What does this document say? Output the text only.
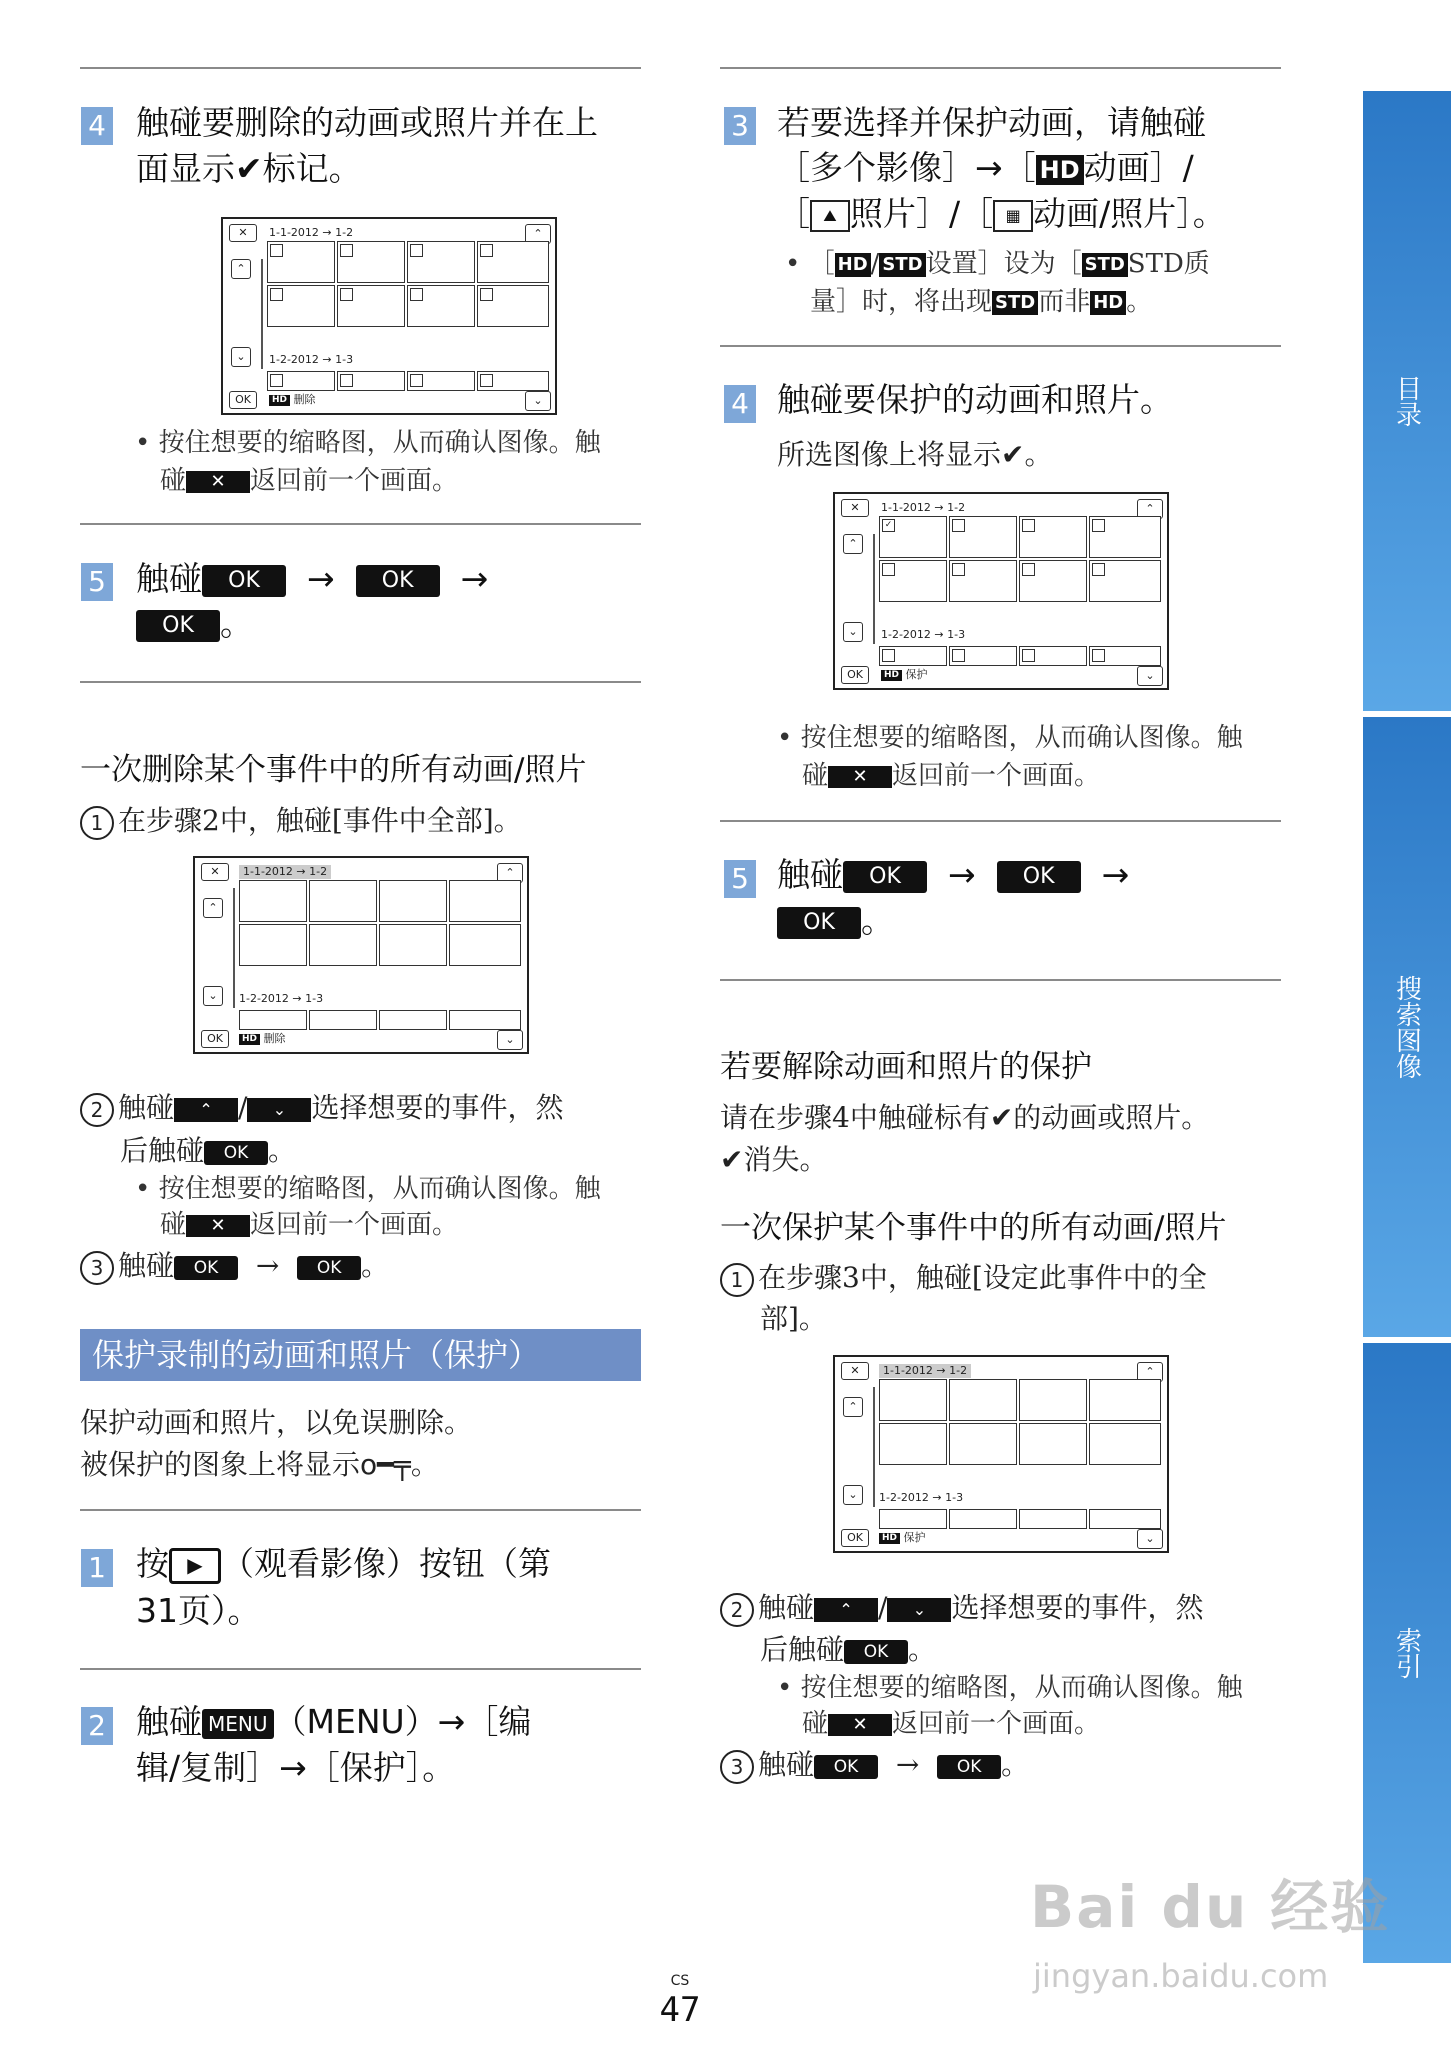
4 触碰要删除的动画或照片并在上
面显示✔标记。
✕	1-1-2012 → 1-2	⌃
⌃
⌄	1-2-2012 → 1-3
OK	HD 删除	⌄
• 按住想要的缩略图，从而确认图像。触
碰 ✕ 返回前一个画面。
5 触碰 OK → OK →
OK 。
一次删除某个事件中的所有动画/照片
1 在步骤2中，触碰[事件中全部]。
✕	1-1-2012 → 1-2	⌃
⌃
⌄	1-2-2012 → 1-3
OK	HD 删除	⌄
2 触碰 ⌃ / ⌄ 选择想要的事件，然
后触碰 OK 。
• 按住想要的缩略图，从而确认图像。触
碰 ✕ 返回前一个画面。
3 触碰 OK  →  OK 。
保护录制的动画和照片（保护）
保护动画和照片，以免误删除。
被保护的图象上将显示o━╤。
1 按 ▶ （观看影像）按钮（第
31页）。
2 触碰 MENU （MENU）→［编
辑/复制］→［保护］。
3 若要选择并保护动画，请触碰
［多个影像］→［ HD 动画］/
［ ⛰ 照片］/［ ▦ 动画/照片］。
• ［ HD / STD 设置］设为［ STD STD质
量］时，将出现 STD 而非 HD 。
4 触碰要保护的动画和照片。
所选图像上将显示✔。
✕	1-1-2012 → 1-2	⌃
⌃
⌄
✓
1-2-2012 → 1-3
OK	HD 保护	⌄
• 按住想要的缩略图，从而确认图像。触
碰 ✕ 返回前一个画面。
5 触碰 OK → OK →
OK 。
若要解除动画和照片的保护
请在步骤4中触碰标有✔的动画或照片。
✔消失。
一次保护某个事件中的所有动画/照片
1 在步骤3中，触碰[设定此事件中的全
部]。
✕	1-1-2012 → 1-2	⌃
⌃
⌄	1-2-2012 → 1-3
OK	HD 保护	⌄
2 触碰 ⌃ / ⌄ 选择想要的事件，然
后触碰 OK 。
• 按住想要的缩略图，从而确认图像。触
碰 ✕ 返回前一个画面。
3 触碰 OK  →  OK 。
目录
搜索图像
索引
CS
47
Bai du 经验
jingyan.baidu.com
